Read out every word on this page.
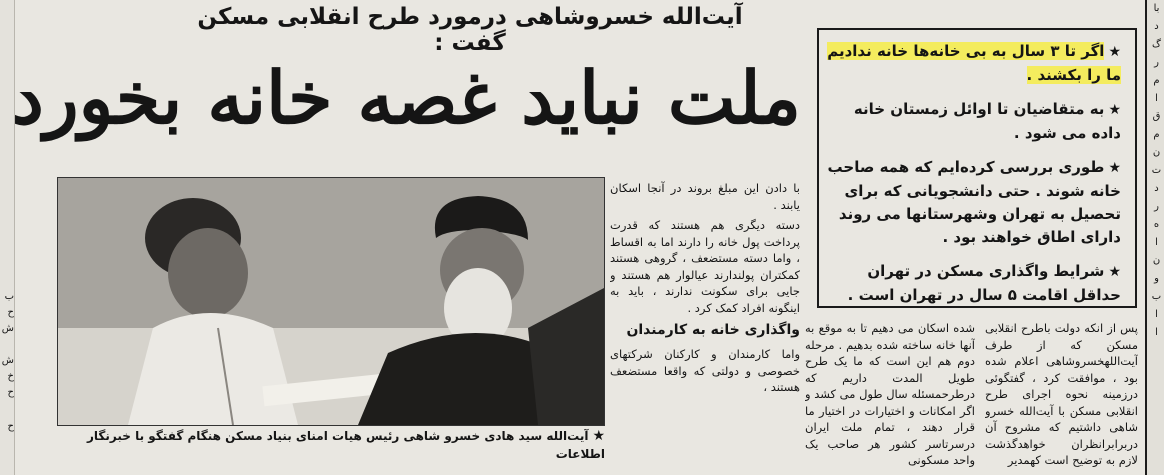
ب
ح
ش
ش
خ
ح
ح
با
د
گ
ر
م
ا
ق
م
ن
ت
د
ر
ه
ا
ن
و
ب
ا
ا
آیت‌الله خسروشاهی درمورد طرح انقلابی مسکن گفت :
ملت نباید غصه خانه بخورد
★اگر تا ۳ سال به بی خانه‌ها خانه ندادیم ما را بکشند .
★به متقاضیان تا اوائل زمستان خانه داده می شود .
★طوری بررسی کرده‌ایم که همه صاحب خانه شوند . حتی دانشجویانی که برای تحصیل به تهران وشهرستانها می روند دارای اطاق خواهند بود .
★شرایط واگذاری مسکن در تهران حداقل اقامت ۵ سال در تهران است .
★آیت‌الله سید هادی خسرو شاهی رئیس هیات امنای بنیاد مسکن هنگام گفتگو با خبرنگار اطلاعات

با دادن این مبلغ بروند در آنجا اسکان یابند .

دسته دیگری هم هستند که قدرت پرداخت پول خانه را دارند اما به اقساط ، واما دسته مستضعف ، گروهی هستند کمکتران پولندارند عیالوار هم هستند و جایی برای سکونت ندارند ، باید به اینگونه افراد کمک کرد .

واگذاری خانه به کارمندان

واما کارمندان و کارکنان شرکتهای خصوصی و دولتی که واقعا مستضعف هستند ،

شده اسکان می دهیم تا به موقع به آنها خانه ساخته شده بدهیم . مرحله دوم هم این است که ما یک طرح طویل المدت داریم که درطرحمسئله سال طول می کشد و اگر امکانات و اختیارات در اختیار ما قرار دهند ، تمام ملت ایران درسرتاسر کشور هر صاحب یک واحد مسکونی

پس از انکه دولت باطرح انقلابی مسکن که از طرف آیت‌اللهخسروشاهی اعلام شده بود ، موافقت کرد ، گفتگوئی درزمینه نحوه اجرای طرح انقلابی مسکن با آیت‌الله خسرو شاهی داشتیم که مشروح آن دربرابرانظران خواهدگذشت لازم به توضیح است کهمدیر
